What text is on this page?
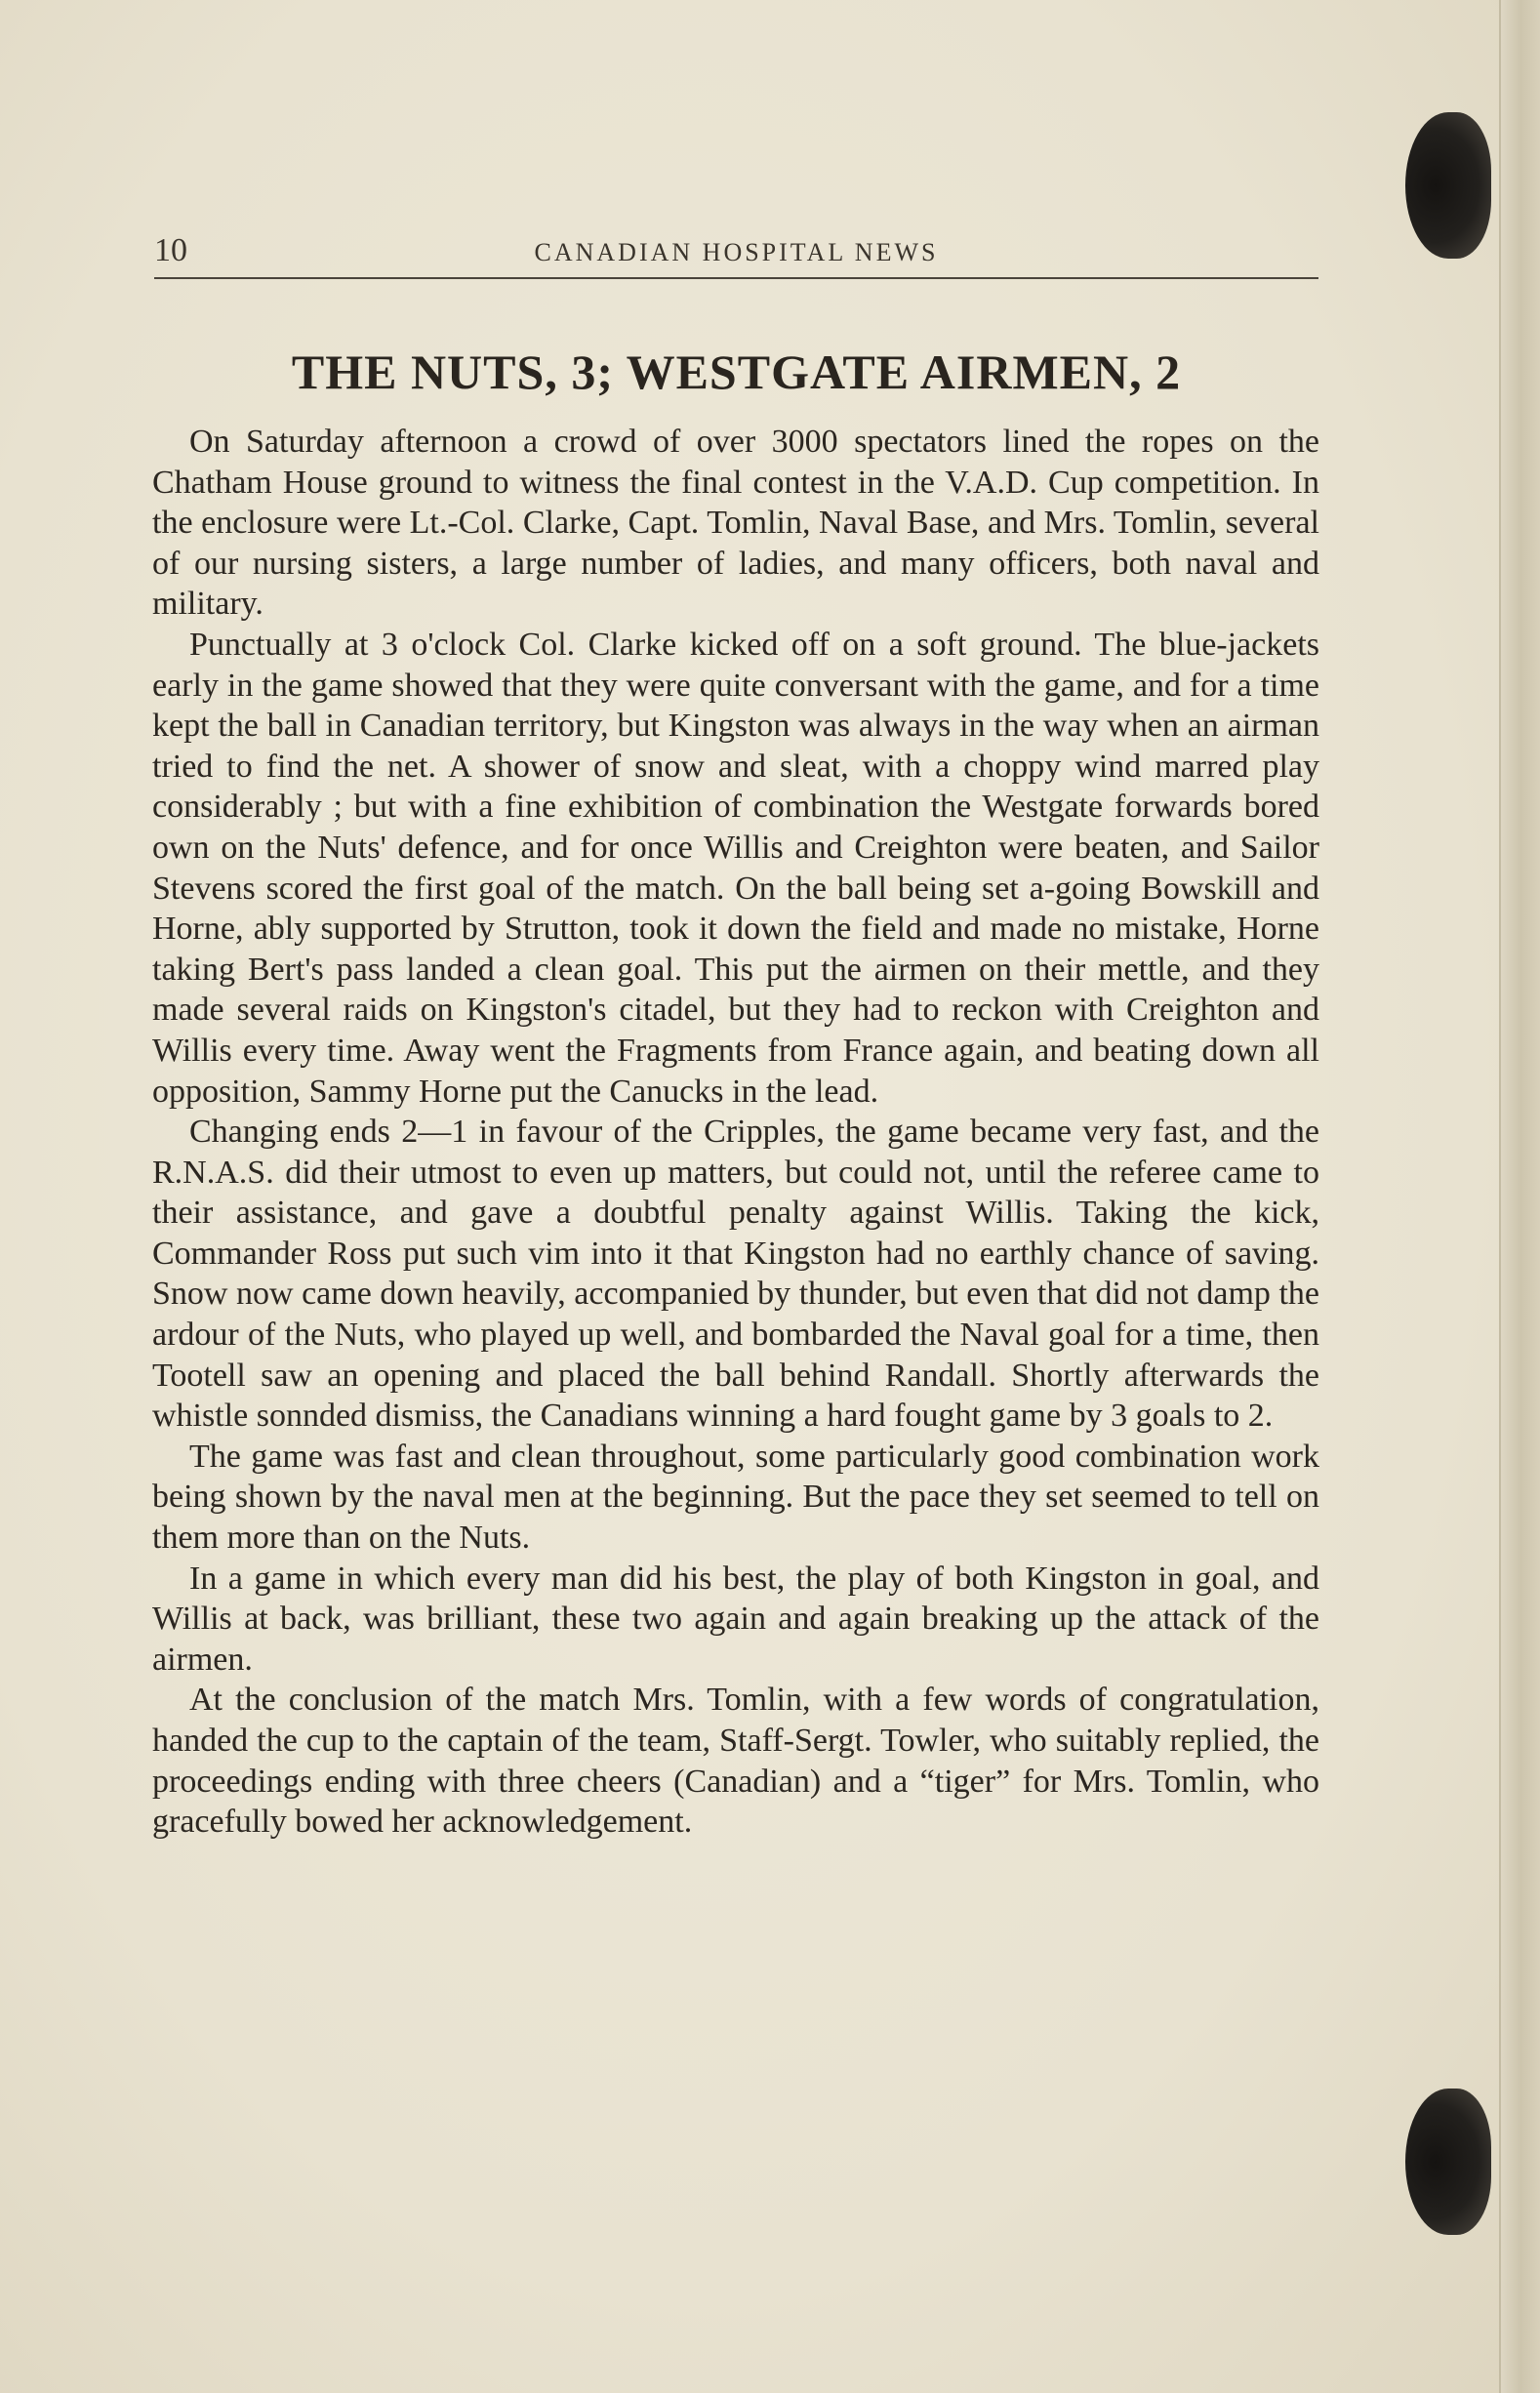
10	CANADIAN HOSPITAL NEWS
THE NUTS, 3; WESTGATE AIRMEN, 2

On Saturday afternoon a crowd of over 3000 spectators lined the ropes on the Chatham House ground to witness the final contest in the V.A.D. Cup competition. In the enclosure were Lt.-Col. Clarke, Capt. Tomlin, Naval Base, and Mrs. Tomlin, several of our nursing sisters, a large number of ladies, and many officers, both naval and military.

Punctually at 3 o'clock Col. Clarke kicked off on a soft ground. The blue-jackets early in the game showed that they were quite conversant with the game, and for a time kept the ball in Canadian territory, but Kingston was always in the way when an airman tried to find the net. A shower of snow and sleat, with a choppy wind marred play considerably ; but with a fine exhibition of combination the Westgate forwards bored own on the Nuts' defence, and for once Willis and Creighton were beaten, and Sailor Stevens scored the first goal of the match. On the ball being set a-going Bowskill and Horne, ably supported by Strutton, took it down the field and made no mistake, Horne taking Bert's pass landed a clean goal. This put the airmen on their mettle, and they made several raids on Kingston's citadel, but they had to reckon with Creighton and Willis every time. Away went the Fragments from France again, and beating down all opposition, Sammy Horne put the Canucks in the lead.

Changing ends 2—1 in favour of the Cripples, the game became very fast, and the R.N.A.S. did their utmost to even up matters, but could not, until the referee came to their assistance, and gave a doubtful penalty against Willis. Taking the kick, Commander Ross put such vim into it that Kingston had no earthly chance of saving. Snow now came down heavily, accompanied by thunder, but even that did not damp the ardour of the Nuts, who played up well, and bombarded the Naval goal for a time, then Tootell saw an opening and placed the ball behind Randall. Shortly afterwards the whistle sonnded dismiss, the Canadians winning a hard fought game by 3 goals to 2.

The game was fast and clean throughout, some particularly good combination work being shown by the naval men at the beginning. But the pace they set seemed to tell on them more than on the Nuts.

In a game in which every man did his best, the play of both Kingston in goal, and Willis at back, was brilliant, these two again and again breaking up the attack of the airmen.

At the conclusion of the match Mrs. Tomlin, with a few words of congratulation, handed the cup to the captain of the team, Staff-Sergt. Towler, who suitably replied, the proceedings ending with three cheers (Canadian) and a “tiger” for Mrs. Tomlin, who gracefully bowed her acknowledgement.
